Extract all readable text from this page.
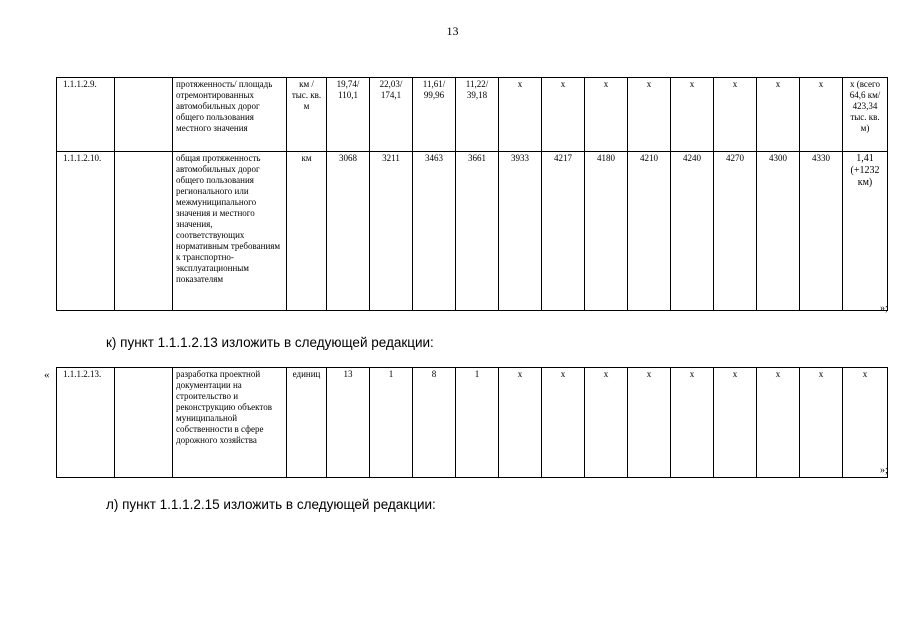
13
1.1.1.2.9.		протяженность/ площадь отремонтированных автомобильных дорог общего пользования местного значения	км / тыс. кв. м	19,74/ 110,1	22,03/ 174,1	11,61/ 99,96	11,22/ 39,18	x	x	x	x	x	x	x	x	x (всего 64,6 км/ 423,34 тыс. кв. м)
1.1.1.2.10.		общая протяженность автомобильных дорог общего пользования регионального или межмуниципального значения и местного значения, соответствующих нормативным требованиям к транспортно-эксплуатационным показателям	км	3068	3211	3463	3661	3933	4217	4180	4210	4240	4270	4300	4330	1,41 (+1232 км)
»;
к) пункт 1.1.1.2.13 изложить в следующей редакции:
« 1.1.1.2.13.		разработка проектной документации на строительство и реконструкцию объектов муниципальной собственности в сфере дорожного хозяйства	единиц	13	1	8	1	x	x	x	x	x	x	x	x	x
»;
л) пункт 1.1.1.2.15 изложить в следующей редакции:
